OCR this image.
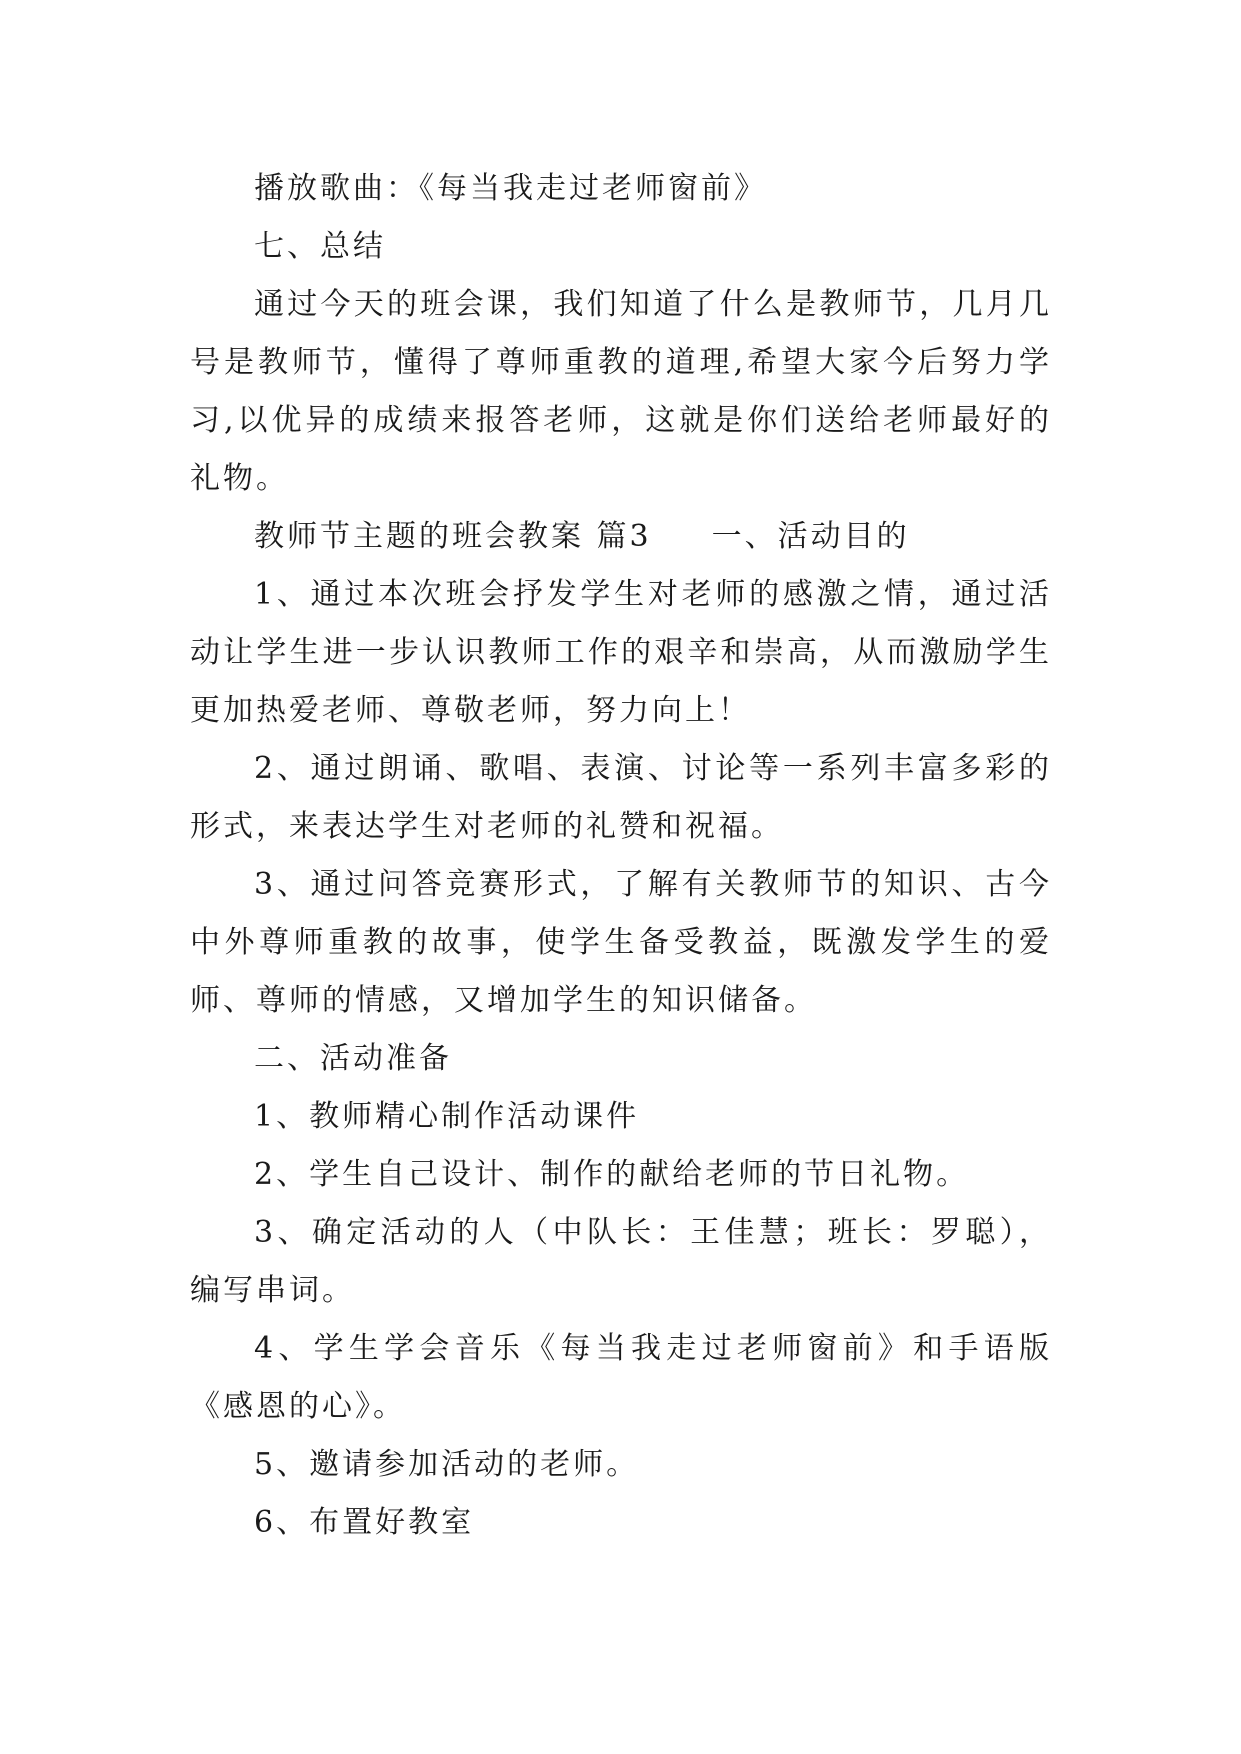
播放歌曲：《每当我走过老师窗前》

七、总结

通过今天的班会课，我们知道了什么是教师节，几月几号是教师节，懂得了尊师重教的道理,希望大家今后努力学习,以优异的成绩来报答老师，这就是你们送给老师最好的礼物。

教师节主题的班会教案 篇3 一、活动目的

1、通过本次班会抒发学生对老师的感激之情，通过活动让学生进一步认识教师工作的艰辛和崇高，从而激励学生更加热爱老师、尊敬老师，努力向上！

2、通过朗诵、歌唱、表演、讨论等一系列丰富多彩的形式，来表达学生对老师的礼赞和祝福。

3、通过问答竞赛形式，了解有关教师节的知识、古今中外尊师重教的故事，使学生备受教益，既激发学生的爱师、尊师的情感，又增加学生的知识储备。

二、活动准备

1、教师精心制作活动课件

2、学生自己设计、制作的献给老师的节日礼物。

3、确定活动的人（中队长：王佳慧；班长：罗聪），编写串词。

4、学生学会音乐《每当我走过老师窗前》和手语版《感恩的心》。

5、邀请参加活动的老师。

6、布置好教室
